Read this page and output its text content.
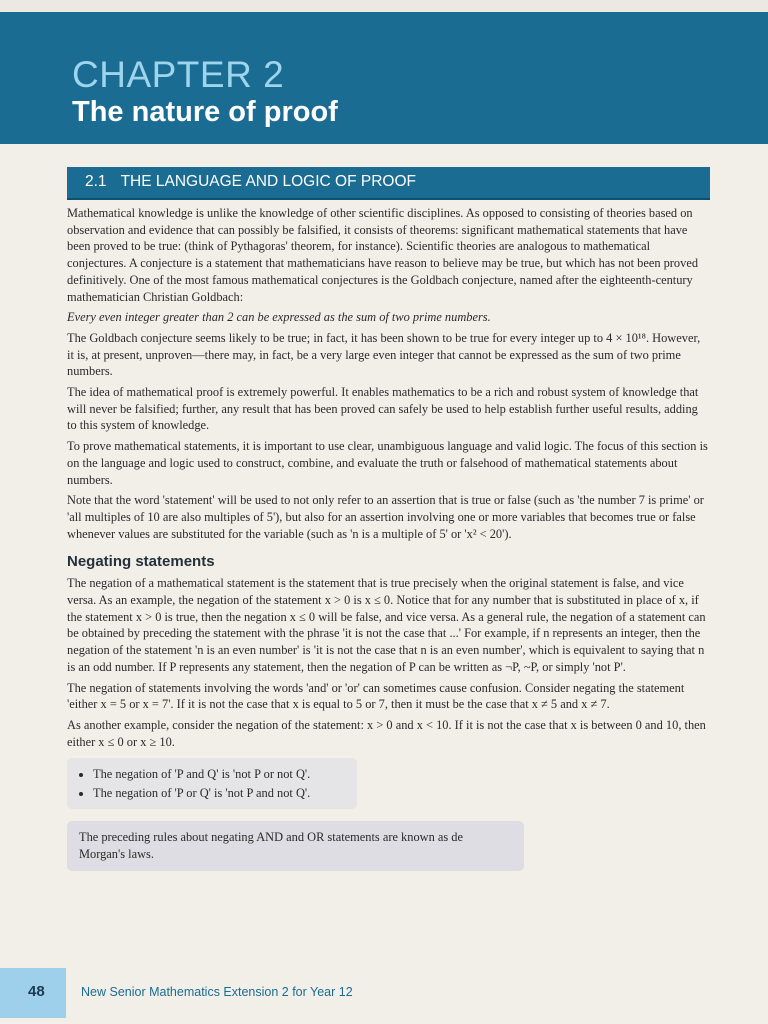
CHAPTER 2
The nature of proof
2.1 THE LANGUAGE AND LOGIC OF PROOF

Mathematical knowledge is unlike the knowledge of other scientific disciplines. As opposed to consisting of theories based on observation and evidence that can possibly be falsified, it consists of theorems: significant mathematical statements that have been proved to be true: (think of Pythagoras' theorem, for instance). Scientific theories are analogous to mathematical conjectures. A conjecture is a statement that mathematicians have reason to believe may be true, but which has not been proved definitively. One of the most famous mathematical conjectures is the Goldbach conjecture, named after the eighteenth-century mathematician Christian Goldbach:

Every even integer greater than 2 can be expressed as the sum of two prime numbers.

The Goldbach conjecture seems likely to be true; in fact, it has been shown to be true for every integer up to 4 × 10¹⁸. However, it is, at present, unproven—there may, in fact, be a very large even integer that cannot be expressed as the sum of two prime numbers.

The idea of mathematical proof is extremely powerful. It enables mathematics to be a rich and robust system of knowledge that will never be falsified; further, any result that has been proved can safely be used to help establish further useful results, adding to this system of knowledge.

To prove mathematical statements, it is important to use clear, unambiguous language and valid logic. The focus of this section is on the language and logic used to construct, combine, and evaluate the truth or falsehood of mathematical statements about numbers.

Note that the word 'statement' will be used to not only refer to an assertion that is true or false (such as 'the number 7 is prime' or 'all multiples of 10 are also multiples of 5'), but also for an assertion involving one or more variables that becomes true or false whenever values are substituted for the variable (such as 'n is a multiple of 5' or 'x² < 20').

Negating statements

The negation of a mathematical statement is the statement that is true precisely when the original statement is false, and vice versa. As an example, the negation of the statement x > 0 is x ≤ 0. Notice that for any number that is substituted in place of x, if the statement x > 0 is true, then the negation x ≤ 0 will be false, and vice versa. As a general rule, the negation of a statement can be obtained by preceding the statement with the phrase 'it is not the case that ...' For example, if n represents an integer, then the negation of the statement 'n is an even number' is 'it is not the case that n is an even number', which is equivalent to saying that n is an odd number. If P represents any statement, then the negation of P can be written as ¬P, ~P, or simply 'not P'.

The negation of statements involving the words 'and' or 'or' can sometimes cause confusion. Consider negating the statement 'either x = 5 or x = 7'. If it is not the case that x is equal to 5 or 7, then it must be the case that x ≠ 5 and x ≠ 7.

As another example, consider the negation of the statement: x > 0 and x < 10. If it is not the case that x is between 0 and 10, then either x ≤ 0 or x ≥ 10.

• The negation of 'P and Q' is 'not P or not Q'.
• The negation of 'P or Q' is 'not P and not Q'.
The preceding rules about negating AND and OR statements are known as de Morgan's laws.
48	New Senior Mathematics Extension 2 for Year 12
